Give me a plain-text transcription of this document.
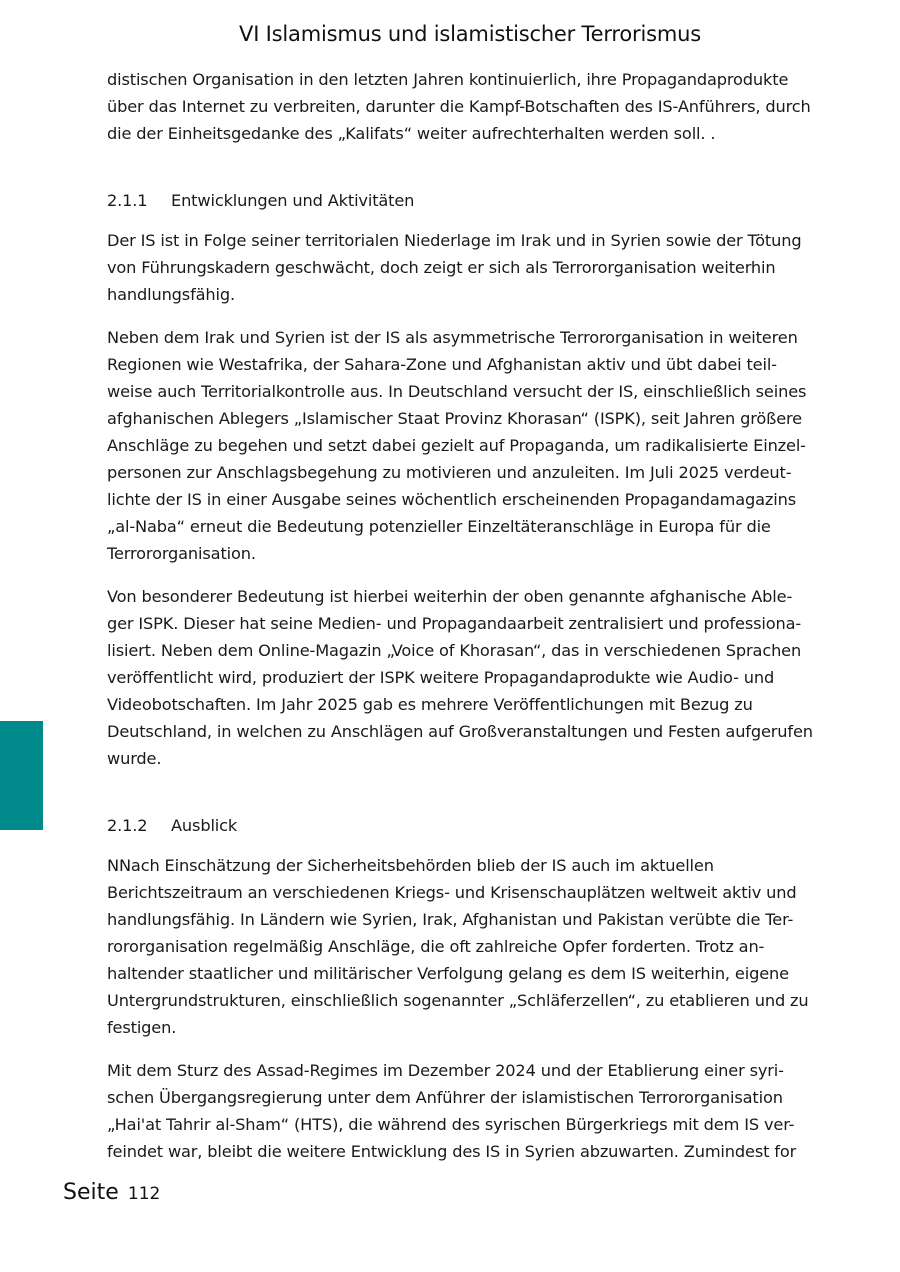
VI Islamismus und islamistischer Terrorismus

distischen Organisation in den letzten Jahren kontinuierlich, ihre Propagandaprodukte
über das Internet zu verbreiten, darunter die Kampf-Botschaften des IS-Anführers, durch
die der Einheitsgedanke des „Kalifats“ weiter aufrechterhalten werden soll. .

2.1.1	Entwicklungen und Aktivitäten

Der IS ist in Folge seiner territorialen Niederlage im Irak und in Syrien sowie der Tötung
von Führungskadern geschwächt, doch zeigt er sich als Terrororganisation weiterhin
handlungsfähig.

Neben dem Irak und Syrien ist der IS als asymmetrische Terrororganisation in weiteren
Regionen wie Westafrika, der Sahara-Zone und Afghanistan aktiv und übt dabei teil-
weise auch Territorialkontrolle aus. In Deutschland versucht der IS, einschließlich seines
afghanischen Ablegers „Islamischer Staat Provinz Khorasan“ (ISPK), seit Jahren größere
Anschläge zu begehen und setzt dabei gezielt auf Propaganda, um radikalisierte Einzel-
personen zur Anschlagsbegehung zu motivieren und anzuleiten. Im Juli 2025 verdeut-
lichte der IS in einer Ausgabe seines wöchentlich erscheinenden Propagandamagazins
„al-Naba“ erneut die Bedeutung potenzieller Einzeltäteranschläge in Europa für die
Terrororganisation.

Von besonderer Bedeutung ist hierbei weiterhin der oben genannte afghanische Able-
ger ISPK. Dieser hat seine Medien- und Propagandaarbeit zentralisiert und professiona-
lisiert. Neben dem Online-Magazin „Voice of Khorasan“, das in verschiedenen Sprachen
veröffentlicht wird, produziert der ISPK weitere Propagandaprodukte wie Audio- und
Videobotschaften. Im Jahr 2025 gab es mehrere Veröffentlichungen mit Bezug zu
Deutschland, in welchen zu Anschlägen auf Großveranstaltungen und Festen aufgerufen
wurde.

2.1.2	Ausblick

NNach Einschätzung der Sicherheitsbehörden blieb der IS auch im aktuellen
Berichtszeitraum an verschiedenen Kriegs- und Krisenschauplätzen weltweit aktiv und
handlungsfähig. In Ländern wie Syrien, Irak, Afghanistan und Pakistan verübte die Ter-
rororganisation regelmäßig Anschläge, die oft zahlreiche Opfer forderten. Trotz an-
haltender staatlicher und militärischer Verfolgung gelang es dem IS weiterhin, eigene
Untergrundstrukturen, einschließlich sogenannter „Schläferzellen“, zu etablieren und zu
festigen.

Mit dem Sturz des Assad-Regimes im Dezember 2024 und der Etablierung einer syri-
schen Übergangsregierung unter dem Anführer der islamistischen Terrororganisation
„Hai'at Tahrir al-Sham“ (HTS), die während des syrischen Bürgerkriegs mit dem IS ver-
feindet war, bleibt die weitere Entwicklung des IS in Syrien abzuwarten. Zumindest for

Seite 112
